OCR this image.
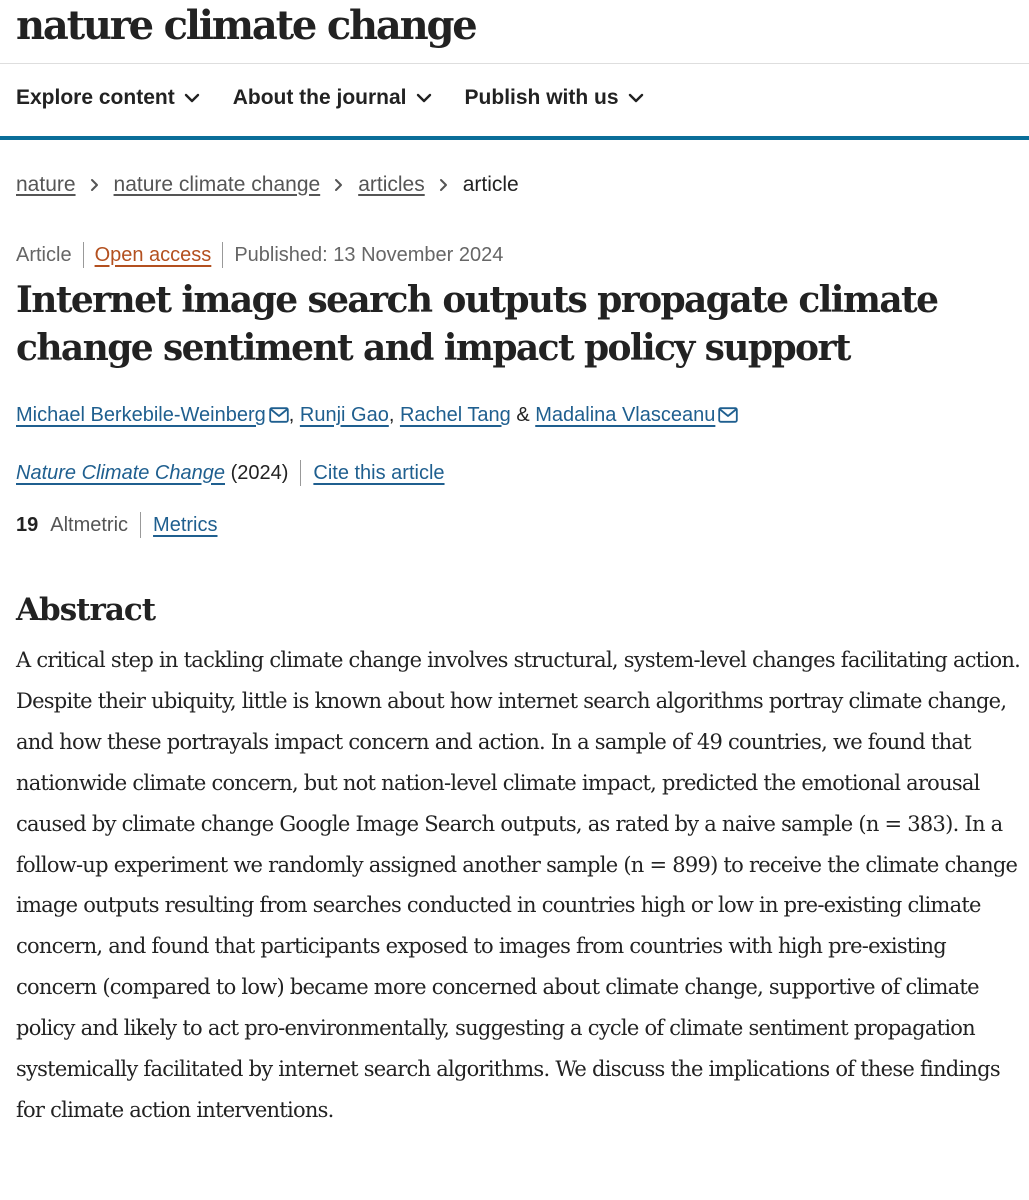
nature climate change
Explore content	About the journal	Publish with us
nature nature climate change articles article
Article Open access Published: 13 November 2024
Internet image search outputs propagate climate change sentiment and impact policy support
Michael Berkebile-Weinberg , Runji Gao , Rachel Tang & Madalina Vlasceanu
Nature Climate Change (2024) Cite this article
19 Altmetric Metrics
Abstract

A critical step in tackling climate change involves structural, system-level changes facilitating action. Despite their ubiquity, little is known about how internet search algorithms portray climate change, and how these portrayals impact concern and action. In a sample of 49 countries, we found that nationwide climate concern, but not nation-level climate impact, predicted the emotional arousal caused by climate change Google Image Search outputs, as rated by a naive sample (n = 383). In a follow-up experiment we randomly assigned another sample (n = 899) to receive the climate change image outputs resulting from searches conducted in countries high or low in pre-existing climate concern, and found that participants exposed to images from countries with high pre-existing concern (compared to low) became more concerned about climate change, supportive of climate policy and likely to act pro-environmentally, suggesting a cycle of climate sentiment propagation systemically facilitated by internet search algorithms. We discuss the implications of these findings for climate action interventions.
